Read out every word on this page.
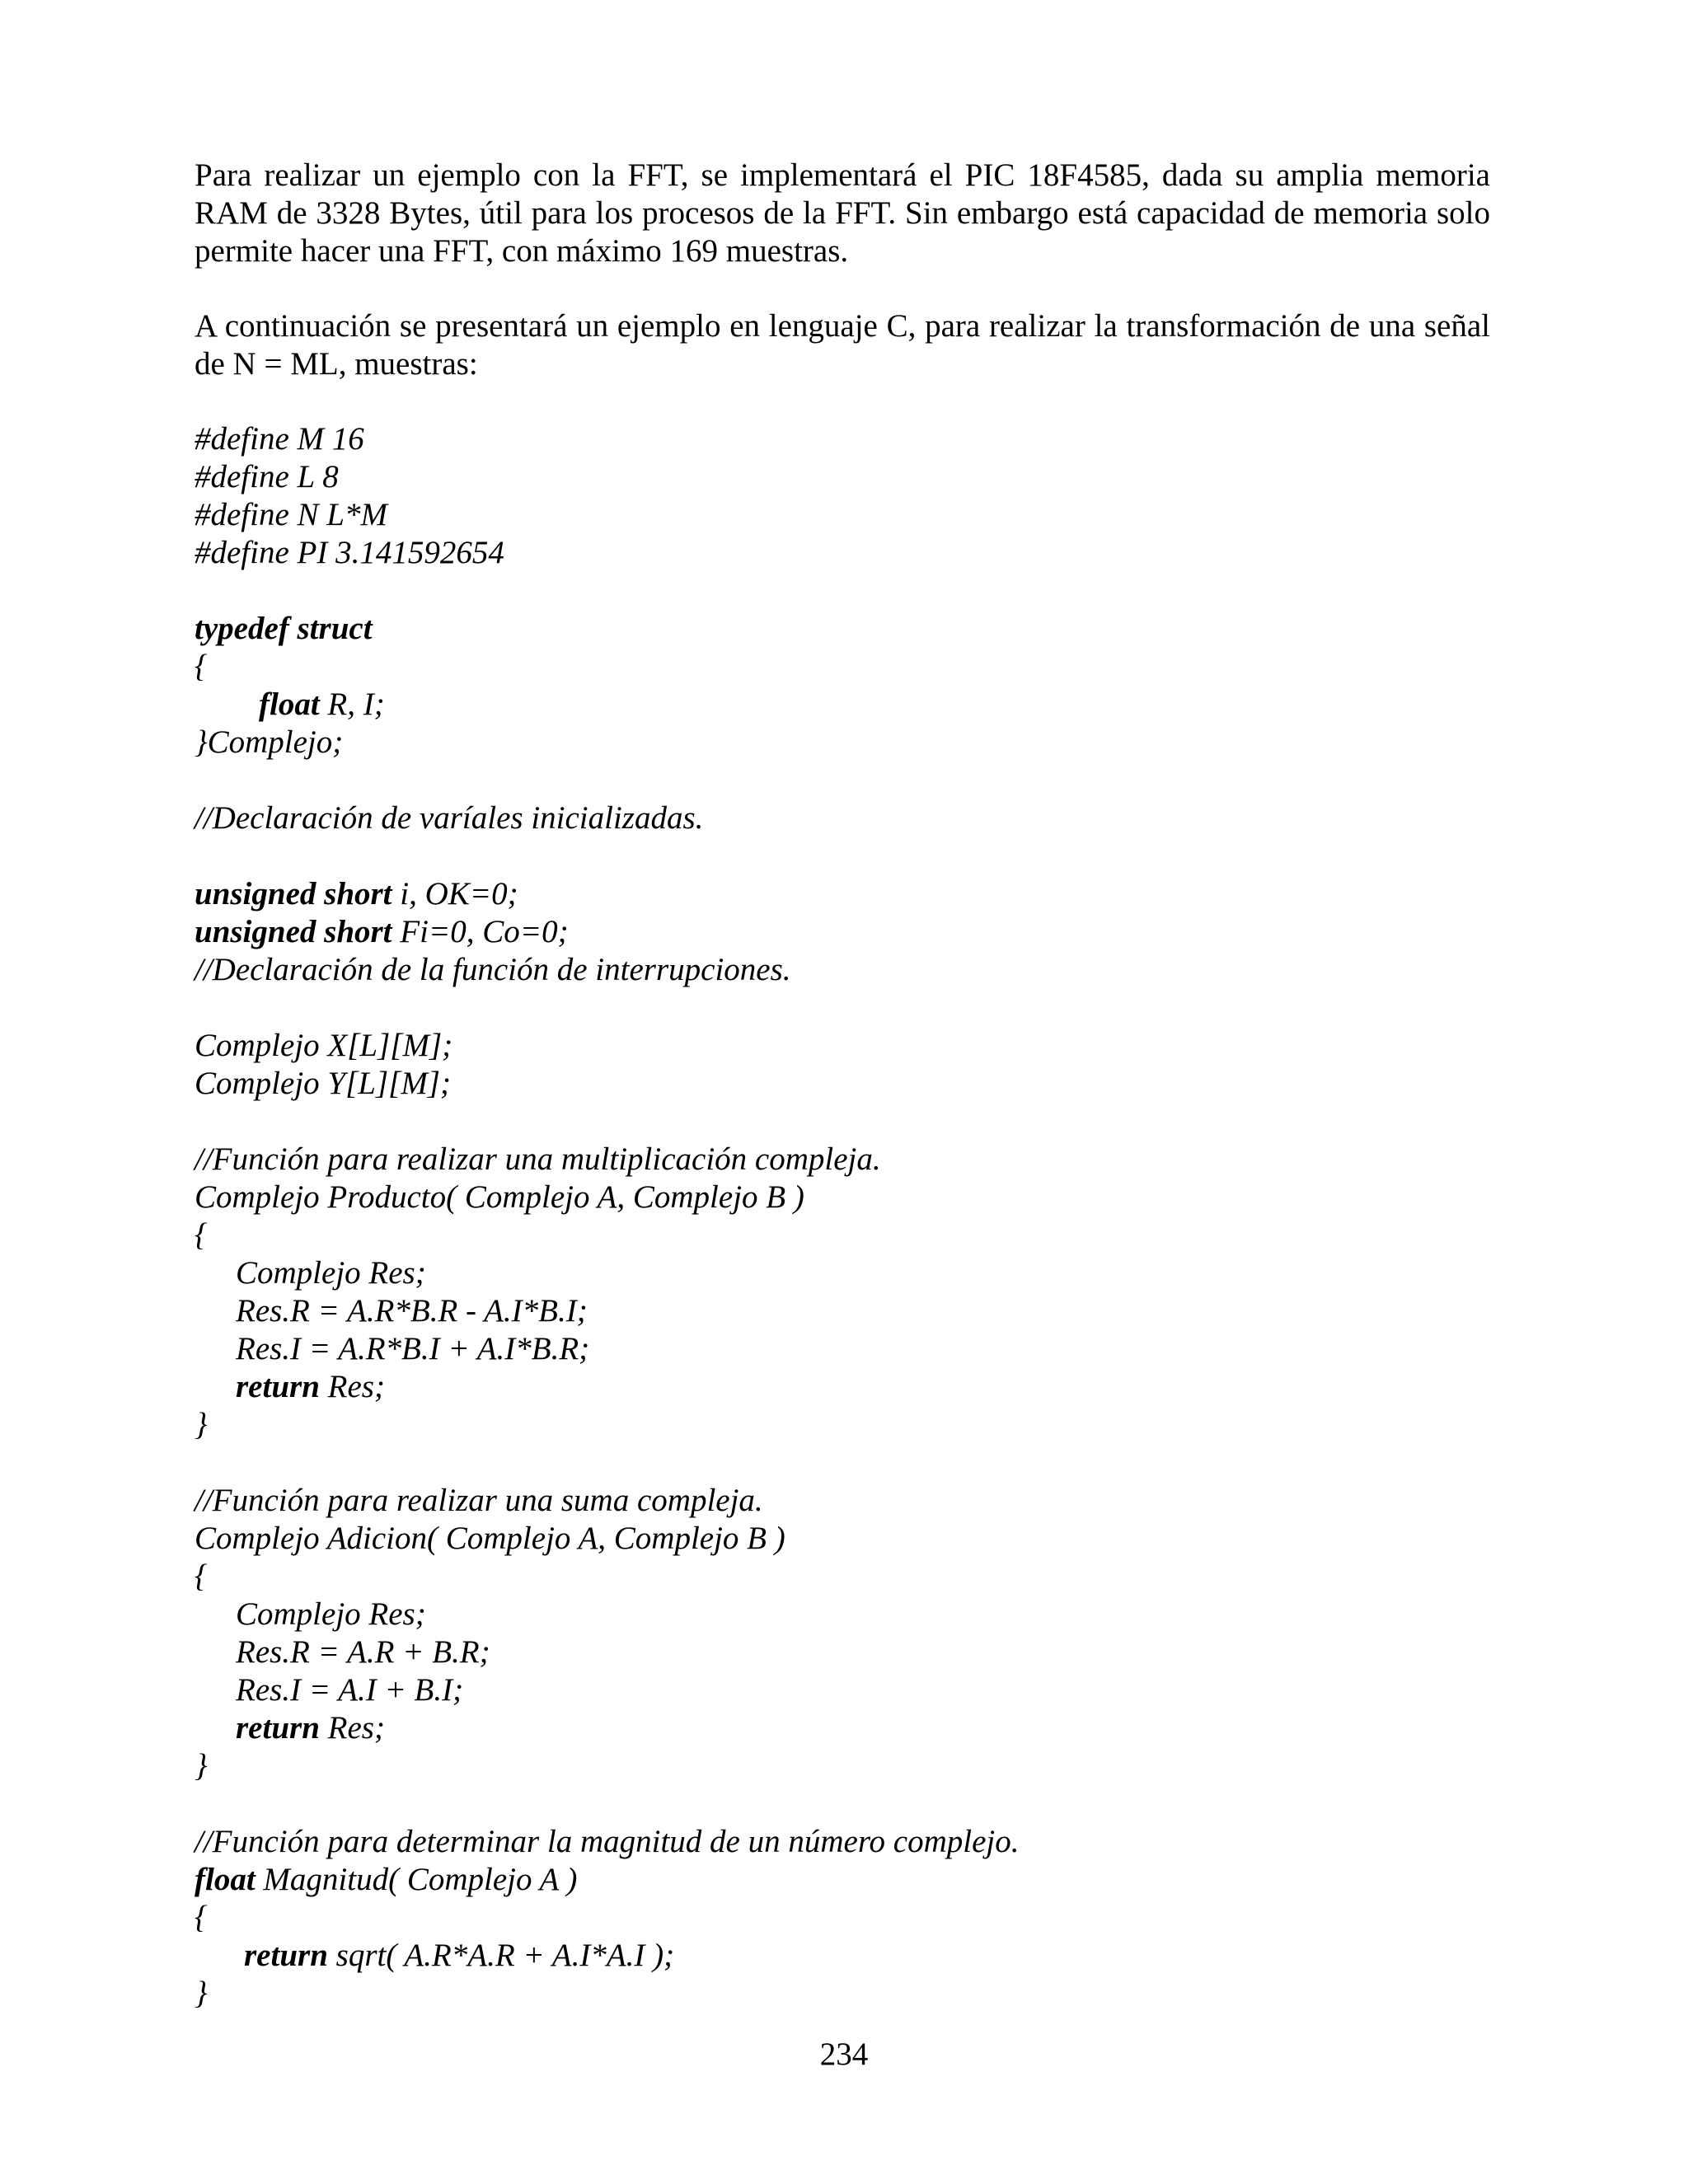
Para realizar un ejemplo con la FFT, se implementará el PIC 18F4585, dada su amplia memoria RAM de 3328 Bytes, útil para los procesos de la FFT. Sin embargo está capacidad de memoria solo permite hacer una FFT, con máximo 169 muestras.

A continuación se presentará un ejemplo en lenguaje C, para realizar la transformación de una señal de N = ML, muestras:

#define M 16
#define L 8
#define N L*M
#define PI 3.141592654
typedef struct
{
float R, I;
}Complejo;
//Declaración de varíales inicializadas.
unsigned short i, OK=0;
unsigned short Fi=0, Co=0;
//Declaración de la función de interrupciones.
Complejo X[L][M];
Complejo Y[L][M];
//Función para realizar una multiplicación compleja.
Complejo Producto( Complejo A, Complejo B )
{
Complejo Res;
Res.R = A.R*B.R - A.I*B.I;
Res.I = A.R*B.I + A.I*B.R;
return Res;
}
//Función para realizar una suma compleja.
Complejo Adicion( Complejo A, Complejo B )
{
Complejo Res;
Res.R = A.R + B.R;
Res.I = A.I + B.I;
return Res;
}
//Función para determinar la magnitud de un número complejo.
float Magnitud( Complejo A )
{
return sqrt( A.R*A.R + A.I*A.I );
}
234
